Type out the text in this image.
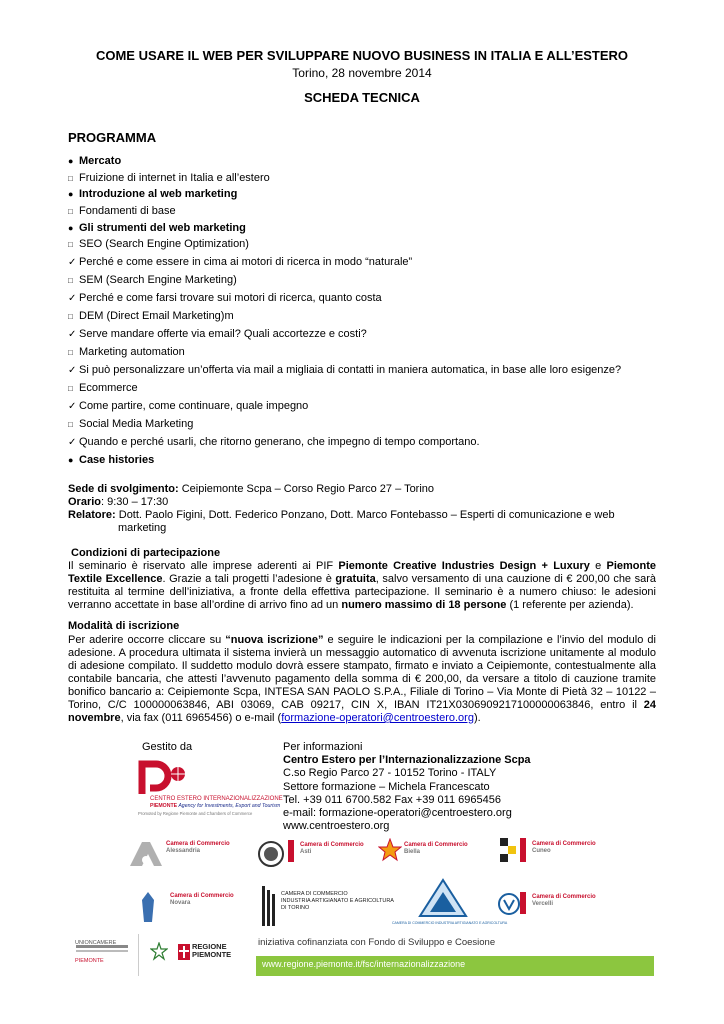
COME USARE IL WEB PER SVILUPPARE NUOVO BUSINESS IN ITALIA E ALL’ESTERO
Torino, 28 novembre 2014
SCHEDA TECNICA
PROGRAMMA
● Mercato
□ Fruizione di internet in Italia e all’estero
● Introduzione al web marketing
□ Fondamenti di base
● Gli strumenti del web marketing
□ SEO (Search Engine Optimization)
✓ Perché e come essere in cima ai motori di ricerca in modo “naturale”
□ SEM (Search Engine Marketing)
✓ Perché e come farsi trovare sui motori di ricerca, quanto costa
□ DEM (Direct Email Marketing)m
✓ Serve mandare offerte via email? Quali accortezze e costi?
□ Marketing automation
✓ Si può personalizzare un’offerta via mail a migliaia di contatti in maniera automatica, in base alle loro esigenze?
□ Ecommerce
✓ Come partire, come continuare, quale impegno
□ Social Media Marketing
✓ Quando e perché usarli, che ritorno generano, che impegno di tempo comportano.
● Case histories
Sede di svolgimento: Ceipiemonte Scpa – Corso Regio Parco 27 – Torino
Orario: 9:30 – 17:30
Relatore: Dott. Paolo Figini, Dott. Federico Ponzano, Dott. Marco Fontebasso – Esperti di comunicazione e web
marketing
Condizioni di partecipazione
Il seminario è riservato alle imprese aderenti ai PIF Piemonte Creative Industries Design + Luxury e Piemonte Textile Excellence. Grazie a tali progetti l’adesione è gratuita, salvo versamento di una cauzione di € 200,00 che sarà restituita al termine dell’iniziativa, a fronte della effettiva partecipazione. Il seminario è a numero chiuso: le adesioni verranno accettate in base all’ordine di arrivo fino ad un numero massimo di 18 persone (1 referente per azienda).
Modalità di iscrizione
Per aderire occorre cliccare su “nuova iscrizione” e seguire le indicazioni per la compilazione e l’invio del modulo di adesione. A procedura ultimata il sistema invierà un messaggio automatico di avvenuta iscrizione unitamente al modulo di adesione compilato. Il suddetto modulo dovrà essere stampato, firmato e inviato a Ceipiemonte, contestualmente alla contabile bancaria, che attesti l’avvenuto pagamento della somma di € 200,00, da versare a titolo di cauzione tramite bonifico bancario a: Ceipiemonte Scpa, INTESA SAN PAOLO S.P.A., Filiale di Torino – Via Monte di Pietà 32 – 10122 – Torino, C/C 100000063846, ABI 03069, CAB 09217, CIN X, IBAN IT21X0306909217100000063846, entro il 24 novembre, via fax (011 6965456) o e-mail (formazione-operatori@centroestero.org).
Gestito da
CENTRO ESTERO INTERNAZIONALIZZAZIONE
PIEMONTE Agency for Investments, Export and Tourism
Promoted by Regione Piemonte and Chambers of Commerce
Per informazioni
Centro Estero per l’Internazionalizzazione Scpa
C.so Regio Parco 27 - 10152 Torino - ITALY
Settore formazione – Michela Francescato
Tel. +39 011 6700.582 Fax +39 011 6965456
e-mail: formazione-operatori@centroestero.org
www.centroestero.org
Camera di Commercio
Alessandria
Camera di Commercio
Asti
Camera di Commercio
Biella
Camera di Commercio
Cuneo
Camera di Commercio
Novara
CAMERA DI COMMERCIO
INDUSTRIA ARTIGIANATO E AGRICOLTURA
DI TORINO
CAMERA DI COMMERCIO INDUSTRIA ARTIGIANATO E AGRICOLTURA
Camera di Commercio
Vercelli
UNIONCAMERE
PIEMONTE
REGIONE
PIEMONTE
iniziativa cofinanziata con Fondo di Sviluppo e Coesione
www.regione.piemonte.it/fsc/internazionalizzazione
